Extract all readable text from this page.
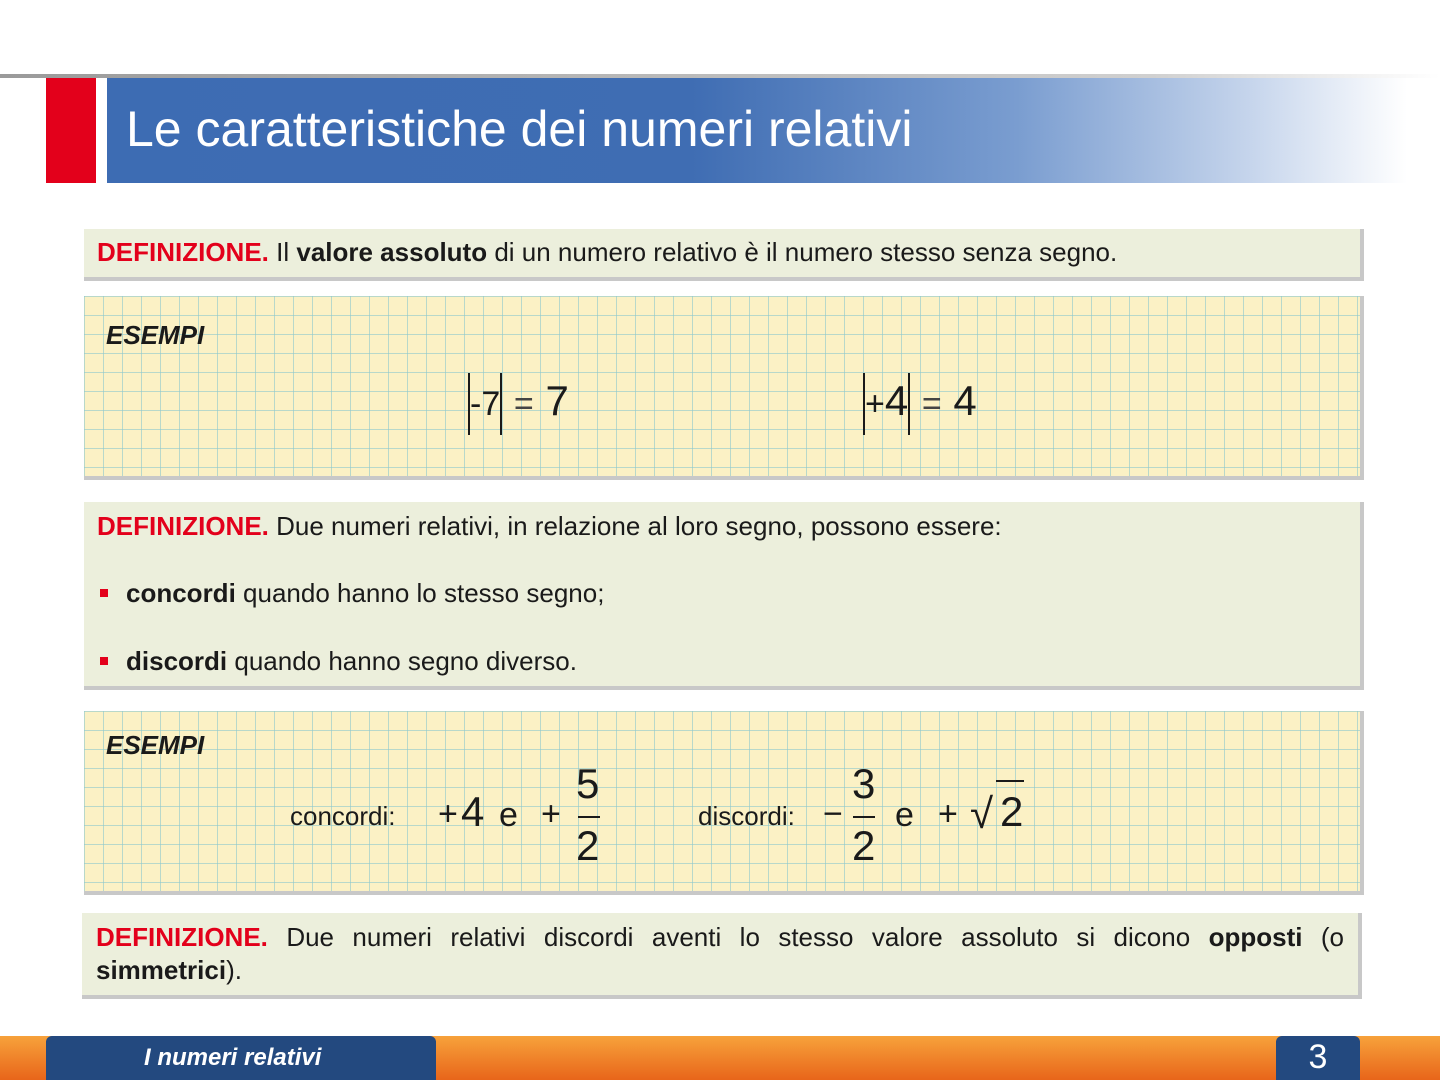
Le caratteristiche dei numeri relativi
DEFINIZIONE. Il valore assoluto di un numero relativo è il numero stesso senza segno.
ESEMPI
-7 = 7	+4 = 4
DEFINIZIONE. Due numeri relativi, in relazione al loro segno, possono essere:
concordi quando hanno lo stesso segno;
discordi quando hanno segno diverso.
ESEMPI
concordi: + 4 e +
5
2
discordi: −
3
2
e + √ 2
DEFINIZIONE. Due numeri relativi discordi aventi lo stesso valore assoluto si dicono opposti (o simmetrici).
I numeri relativi	3
